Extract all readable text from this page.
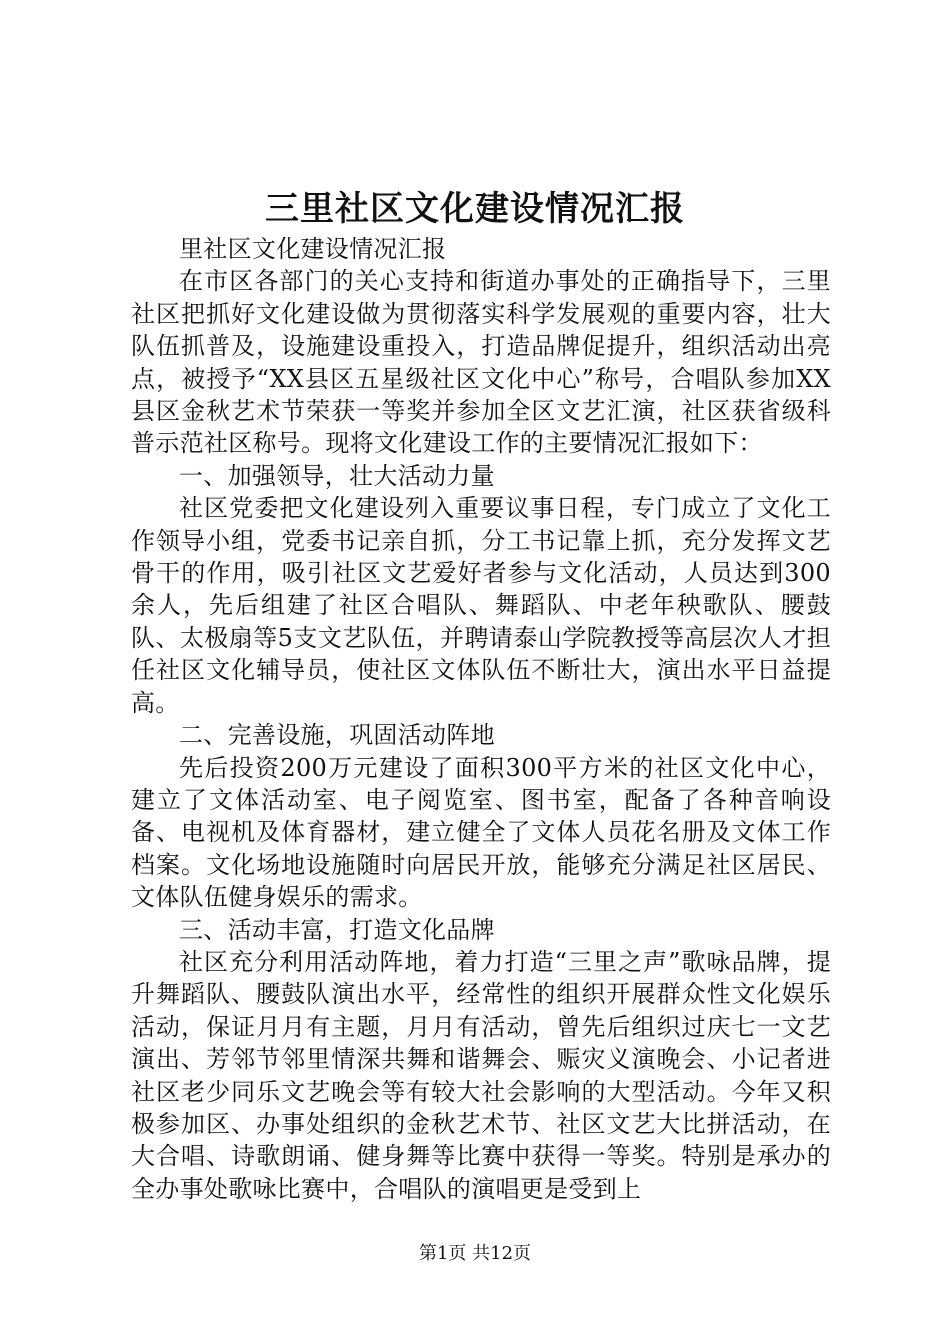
三里社区文化建设情况汇报

里社区文化建设情况汇报

在市区各部门的关心支持和街道办事处的正确指导下，三里社区把抓好文化建设做为贯彻落实科学发展观的重要内容，壮大队伍抓普及，设施建设重投入，打造品牌促提升，组织活动出亮点，被授予“XX县区五星级社区文化中心”称号，合唱队参加XX县区金秋艺术节荣获一等奖并参加全区文艺汇演，社区获省级科普示范社区称号。现将文化建设工作的主要情况汇报如下：

一、加强领导，壮大活动力量

社区党委把文化建设列入重要议事日程，专门成立了文化工作领导小组，党委书记亲自抓，分工书记靠上抓，充分发挥文艺骨干的作用，吸引社区文艺爱好者参与文化活动，人员达到300余人，先后组建了社区合唱队、舞蹈队、中老年秧歌队、腰鼓队、太极扇等5支文艺队伍，并聘请泰山学院教授等高层次人才担任社区文化辅导员，使社区文体队伍不断壮大，演出水平日益提高。

二、完善设施，巩固活动阵地

先后投资200万元建设了面积300平方米的社区文化中心，建立了文体活动室、电子阅览室、图书室，配备了各种音响设备、电视机及体育器材，建立健全了文体人员花名册及文体工作档案。文化场地设施随时向居民开放，能够充分满足社区居民、文体队伍健身娱乐的需求。

三、活动丰富，打造文化品牌

社区充分利用活动阵地，着力打造“三里之声”歌咏品牌，提升舞蹈队、腰鼓队演出水平，经常性的组织开展群众性文化娱乐活动，保证月月有主题，月月有活动，曾先后组织过庆七一文艺演出、芳邻节邻里情深共舞和谐舞会、赈灾义演晚会、小记者进社区老少同乐文艺晚会等有较大社会影响的大型活动。今年又积极参加区、办事处组织的金秋艺术节、社区文艺大比拼活动，在大合唱、诗歌朗诵、健身舞等比赛中获得一等奖。特别是承办的全办事处歌咏比赛中，合唱队的演唱更是受到上

第1页 共12页
